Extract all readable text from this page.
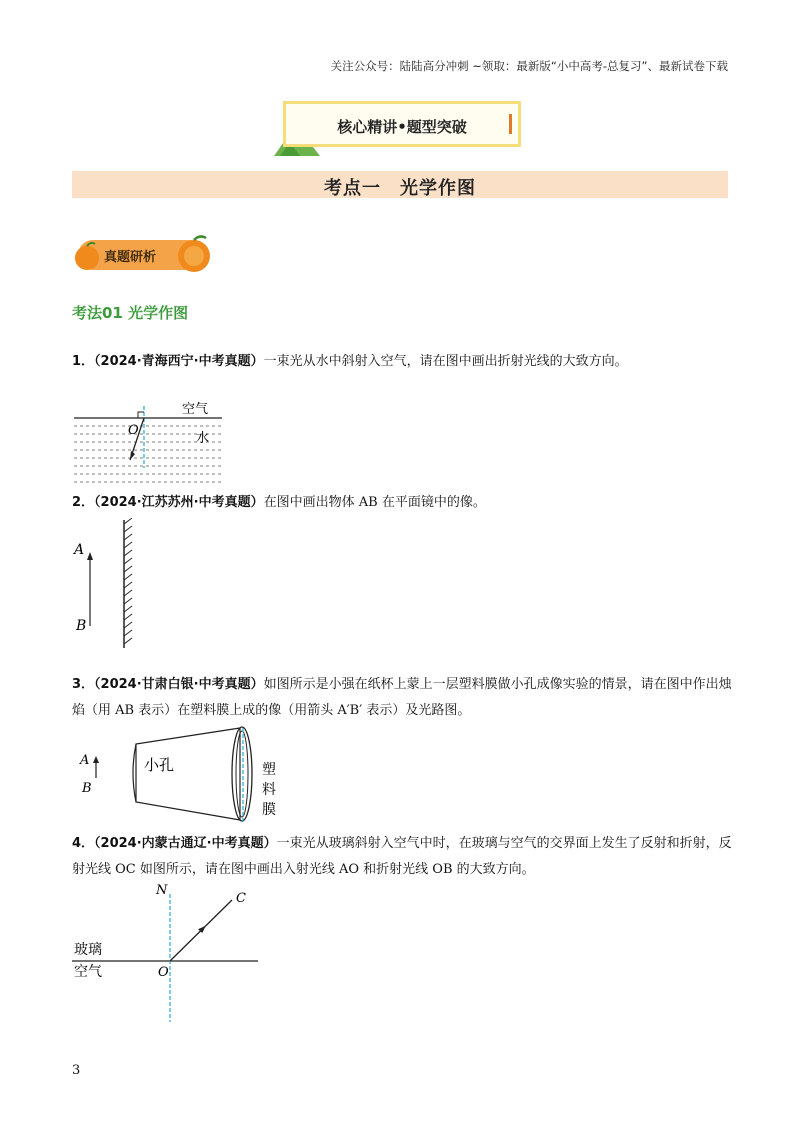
关注公众号：陆陆高分冲刺 ~领取：最新版“小中高考-总复习”、最新试卷下载
核心精讲•题型突破
考点一　光学作图
真题研析
考法01 光学作图
1．（2024·青海西宁·中考真题）一束光从水中斜射入空气，请在图中画出折射光线的大致方向。
空气
水
O
2．（2024·江苏苏州·中考真题）在图中画出物体 AB 在平面镜中的像。
A
B
3．（2024·甘肃白银·中考真题）如图所示是小强在纸杯上蒙上一层塑料膜做小孔成像实验的情景，请在图中作出烛焰（用 AB 表示）在塑料膜上成的像（用箭头 A′B′ 表示）及光路图。
A
B
小孔	塑
料
膜
4．（2024·内蒙古通辽·中考真题）一束光从玻璃斜射入空气中时，在玻璃与空气的交界面上发生了反射和折射，反射光线 OC 如图所示，请在图中画出入射光线 AO 和折射光线 OB 的大致方向。
N
C
O
玻璃
空气
3
